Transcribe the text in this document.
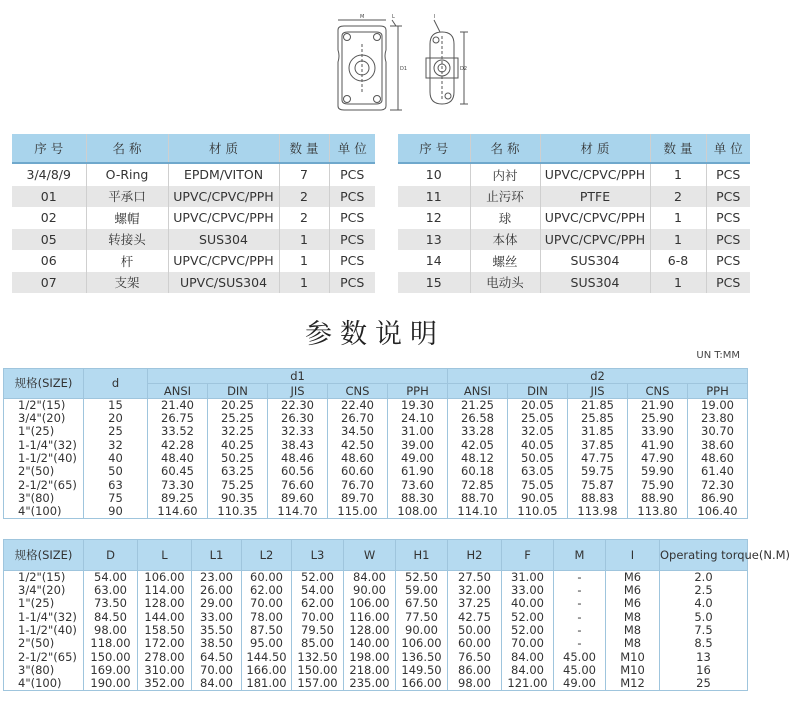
M	L	I
D1	D2
序 号	名 称	材 质	数 量	单 位
3/4/8/9	O-Ring	EPDM/VITON	7	PCS
01	平承口	UPVC/CPVC/PPH	2	PCS
02	螺帽	UPVC/CPVC/PPH	2	PCS
05	转接头	SUS304	1	PCS
06	杆	UPVC/CPVC/PPH	1	PCS
07	支架	UPVC/SUS304	1	PCS
序 号	名 称	材 质	数 量	单 位
10	内衬	UPVC/CPVC/PPH	1	PCS
11	止污环	PTFE	2	PCS
12	球	UPVC/CPVC/PPH	1	PCS
13	本体	UPVC/CPVC/PPH	1	PCS
14	螺丝	SUS304	6-8	PCS
15	电动头	SUS304	1	PCS
参数说明
UN T:MM
规格(SIZE)	d	d1					d2				
		ANSI	DIN	JIS	CNS	PPH	ANSI	DIN	JIS	CNS	PPH
1/2"(15)	15	21.40	20.25	22.30	22.40	19.30	21.25	20.05	21.85	21.90	19.00
3/4"(20)	20	26.75	25.25	26.30	26.70	24.10	26.58	25.05	25.85	25.90	23.80
1"(25)	25	33.52	32.25	32.33	34.50	31.00	33.28	32.05	31.85	33.90	30.70
1-1/4"(32)	32	42.28	40.25	38.43	42.50	39.00	42.05	40.05	37.85	41.90	38.60
1-1/2"(40)	40	48.40	50.25	48.46	48.60	49.00	48.12	50.05	47.75	47.90	48.60
2"(50)	50	60.45	63.25	60.56	60.60	61.90	60.18	63.05	59.75	59.90	61.40
2-1/2"(65)	63	73.30	75.25	76.60	76.70	73.60	72.85	75.05	75.87	75.90	72.30
3"(80)	75	89.25	90.35	89.60	89.70	88.30	88.70	90.05	88.83	88.90	86.90
4"(100)	90	114.60	110.35	114.70	115.00	108.00	114.10	110.05	113.98	113.80	106.40
规格(SIZE)	D	L	L1	L2	L3	W	H1	H2	F	M	I	Operating torque(N.M)
1/2"(15)	54.00	106.00	23.00	60.00	52.00	84.00	52.50	27.50	31.00	-	M6	2.0
3/4"(20)	63.00	114.00	26.00	62.00	54.00	90.00	59.00	32.00	33.00	-	M6	2.5
1"(25)	73.50	128.00	29.00	70.00	62.00	106.00	67.50	37.25	40.00	-	M6	4.0
1-1/4"(32)	84.50	144.00	33.00	78.00	70.00	116.00	77.50	42.75	52.00	-	M8	5.0
1-1/2"(40)	98.00	158.50	35.50	87.50	79.50	128.00	90.00	50.00	52.00	-	M8	7.5
2"(50)	118.00	172.00	38.50	95.00	85.00	140.00	106.00	60.00	70.00	-	M8	8.5
2-1/2"(65)	150.00	278.00	64.50	144.50	132.50	198.00	136.50	76.50	84.00	45.00	M10	13
3"(80)	169.00	310.00	70.00	166.00	150.00	218.00	149.50	86.00	84.00	45.00	M10	16
4"(100)	190.00	352.00	84.00	181.00	157.00	235.00	166.00	98.00	121.00	49.00	M12	25
